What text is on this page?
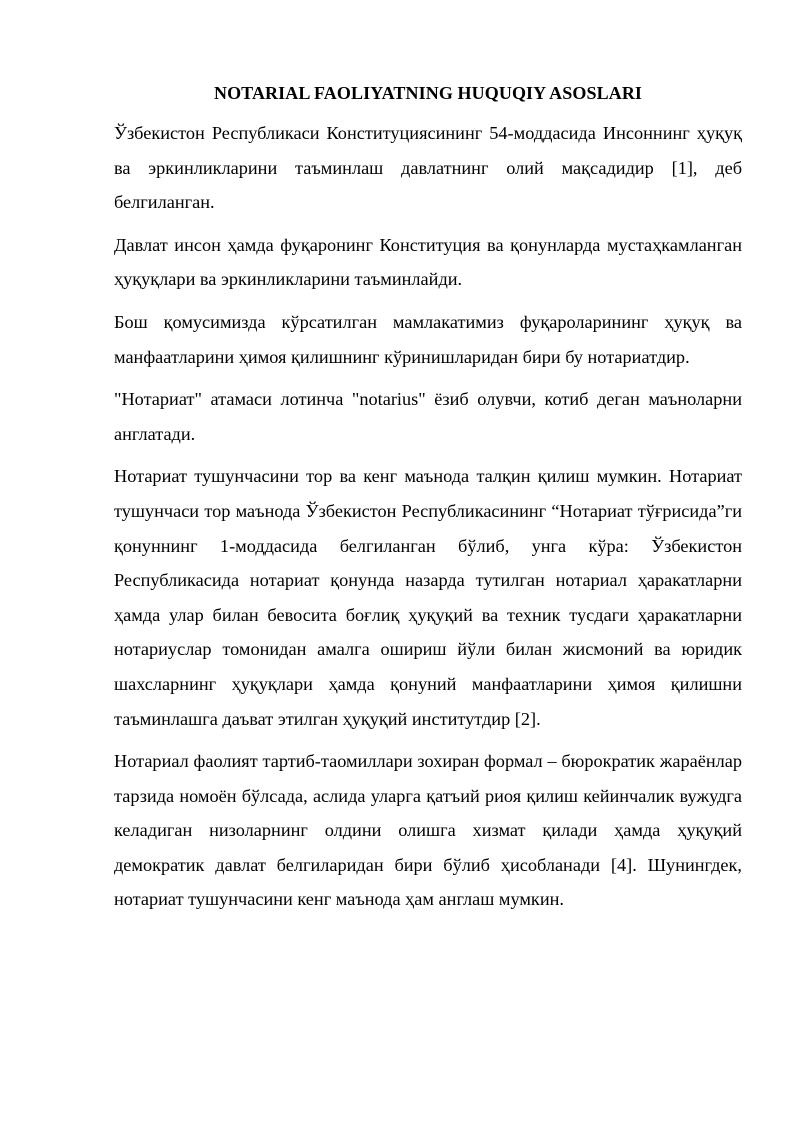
NOTARIAL FAOLIYATNING HUQUQIY ASOSLARI

Ўзбекистон Республикаси Конституциясининг 54-моддасида Инсоннинг ҳуқуқ ва эркинликларини таъминлаш давлатнинг олий мақсадидир [1], деб белгиланган.

Давлат инсон ҳамда фуқаронинг Конституция ва қонунларда мустаҳкамланган ҳуқуқлари ва эркинликларини таъминлайди.

Бош қомусимизда кўрсатилган мамлакатимиз фуқароларининг ҳуқуқ ва манфаатларини ҳимоя қилишнинг кўринишларидан бири бу нотариатдир.

"Нотариат" атамаси лотинча "notarius" ёзиб олувчи, котиб деган маъноларни англатади.

Нотариат тушунчасини тор ва кенг маънода талқин қилиш мумкин. Нотариат тушунчаси тор маънода Ўзбекистон Республикасининг “Нотариат тўғрисида”ги қонуннинг 1-моддасида белгиланган бўлиб, унга кўра: Ўзбекистон Республикасида нотариат қонунда назарда тутилган нотариал ҳаракатларни ҳамда улар билан бевосита боғлиқ ҳуқуқий ва техник тусдаги ҳаракатларни нотариуслар томонидан амалга ошириш йўли билан жисмоний ва юридик шахсларнинг ҳуқуқлари ҳамда қонуний манфаатларини ҳимоя қилишни таъминлашга даъват этилган ҳуқуқий институтдир [2].

Нотариал фаолият тартиб-таомиллари зохиран формал – бюрократик жараёнлар тарзида номоён бўлсада, аслида уларга қатъий риоя қилиш кейинчалик вужудга келадиган низоларнинг олдини олишга хизмат қилади ҳамда ҳуқуқий демократик давлат белгиларидан бири бўлиб ҳисобланади [4]. Шунингдек, нотариат тушунчасини кенг маънода ҳам англаш мумкин.
